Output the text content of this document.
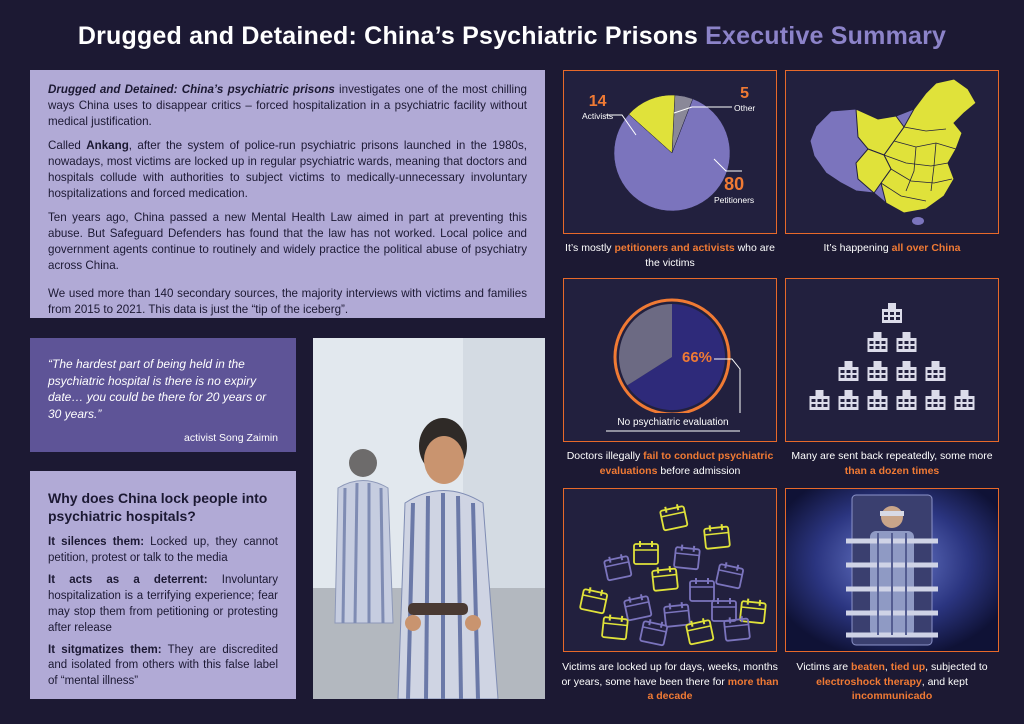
Drugged and Detained: China’s Psychiatric Prisons Executive Summary

Drugged and Detained: China’s psychiatric prisons investigates one of the most chilling ways China uses to disappear critics – forced hospitalization in a psychiatric facility without medical justification.

Called Ankang, after the system of police-run psychiatric prisons launched in the 1980s, nowadays, most victims are locked up in regular psychiatric wards, meaning that doctors and hospitals collude with authorities to subject victims to medically-unnecessary involuntary hospitalizations and forced medication.

Ten years ago, China passed a new Mental Health Law aimed in part at preventing this abuse. But Safeguard Defenders has found that the law has not worked. Local police and government agents continue to routinely and widely practice the political abuse of psychiatry across China.

We used more than 140 secondary sources, the majority interviews with victims and families from 2015 to 2021. This data is just the “tip of the iceberg”.

“The hardest part of being held in the psychiatric hospital is there is no expiry date… you could be there for 20 years or 30 years.”
activist Song Zaimin
Why does China lock people into psychiatric hospitals?

It silences them: Locked up, they cannot petition, protest or talk to the media

It acts as a deterrent: Involuntary hospitalization is a terrifying experience; fear may stop them from petitioning or protesting after release

It sitgmatizes them: They are discredited and isolated from others with this false label of “mental illness”

14
Activists
5
Other
80
Petitioners
It’s mostly petitioners and activists who are the victims
It’s happening all over China
66%
No psychiatric evaluation
Doctors illegally fail to conduct psychiatric evaluations before admission
Many are sent back repeatedly, some more than a dozen times
Victims are locked up for days, weeks, months or years, some have been there for more than a decade
Victims are beaten, tied up, subjected to electroshock therapy, and kept incommunicado
